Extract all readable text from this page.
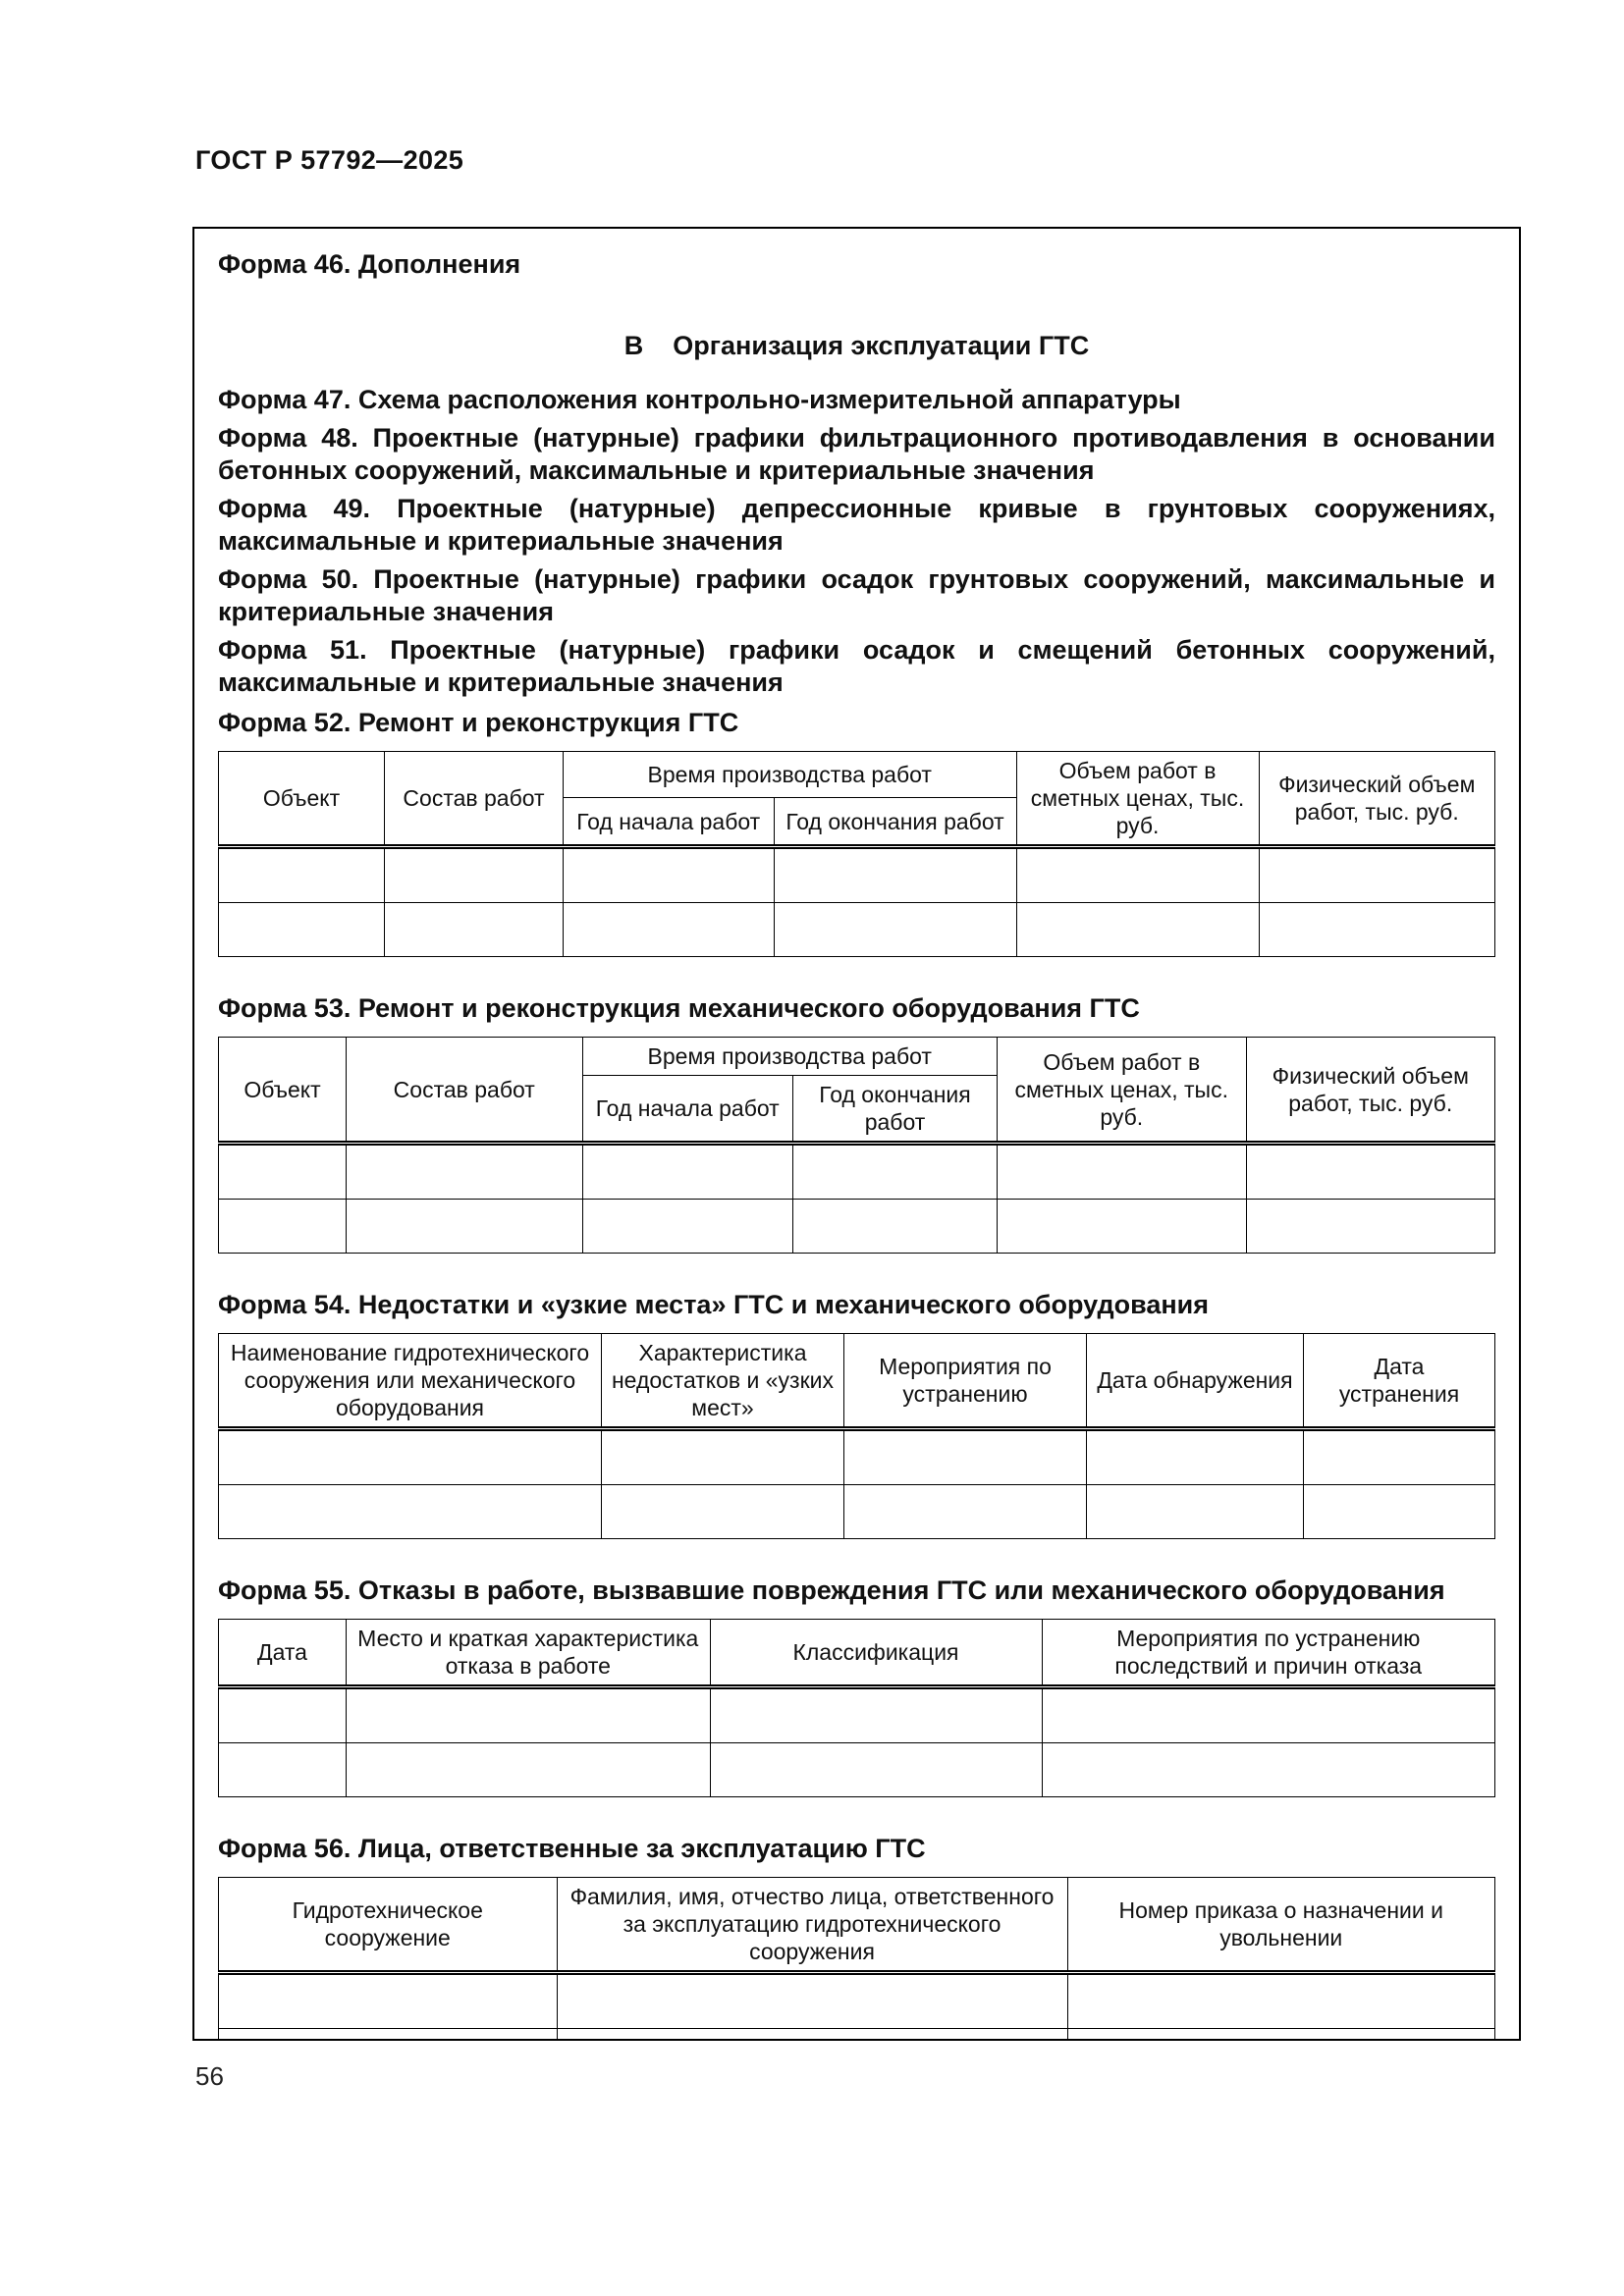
ГОСТ Р 57792—2025

Форма 46. Дополнения

В Организация эксплуатации ГТС

Форма 47. Схема расположения контрольно-измерительной аппаратуры

Форма 48. Проектные (натурные) графики фильтрационного противодавления в основании бетонных сооружений, максимальные и критериальные значения

Форма 49. Проектные (натурные) депрессионные кривые в грунтовых сооружениях, максимальные и критериальные значения

Форма 50. Проектные (натурные) графики осадок грунтовых сооружений, максимальные и критериальные значения

Форма 51. Проектные (натурные) графики осадок и смещений бетонных сооружений, максимальные и критериальные значения

Форма 52. Ремонт и реконструкция ГТС

Объект	Состав работ	Время производства работ		Объем работ в сметных ценах, тыс. руб.	Физический объем работ, тыс. руб.
		Год начала работ	Год окончания работ		

Форма 53. Ремонт и реконструкция механического оборудования ГТС

Объект	Состав работ	Время производства работ		Объем работ в сметных ценах, тыс. руб.	Физический объем работ, тыс. руб.
		Год начала работ	Год окончания работ		

Форма 54. Недостатки и «узкие места» ГТС и механического оборудования

Наименование гидротехнического сооружения или механического оборудования	Характеристика недостатков и «узких мест»	Мероприятия по устранению	Дата обнаружения	Дата устранения

Форма 55. Отказы в работе, вызвавшие повреждения ГТС или механического оборудования

Дата	Место и краткая характеристика отказа в работе	Классификация	Мероприятия по устранению последствий и причин отказа

Форма 56. Лица, ответственные за эксплуатацию ГТС

Гидротехническое сооружение	Фамилия, имя, отчество лица, ответственного за эксплуатацию гидротехнического сооружения	Номер приказа о назначении и увольнении

56
